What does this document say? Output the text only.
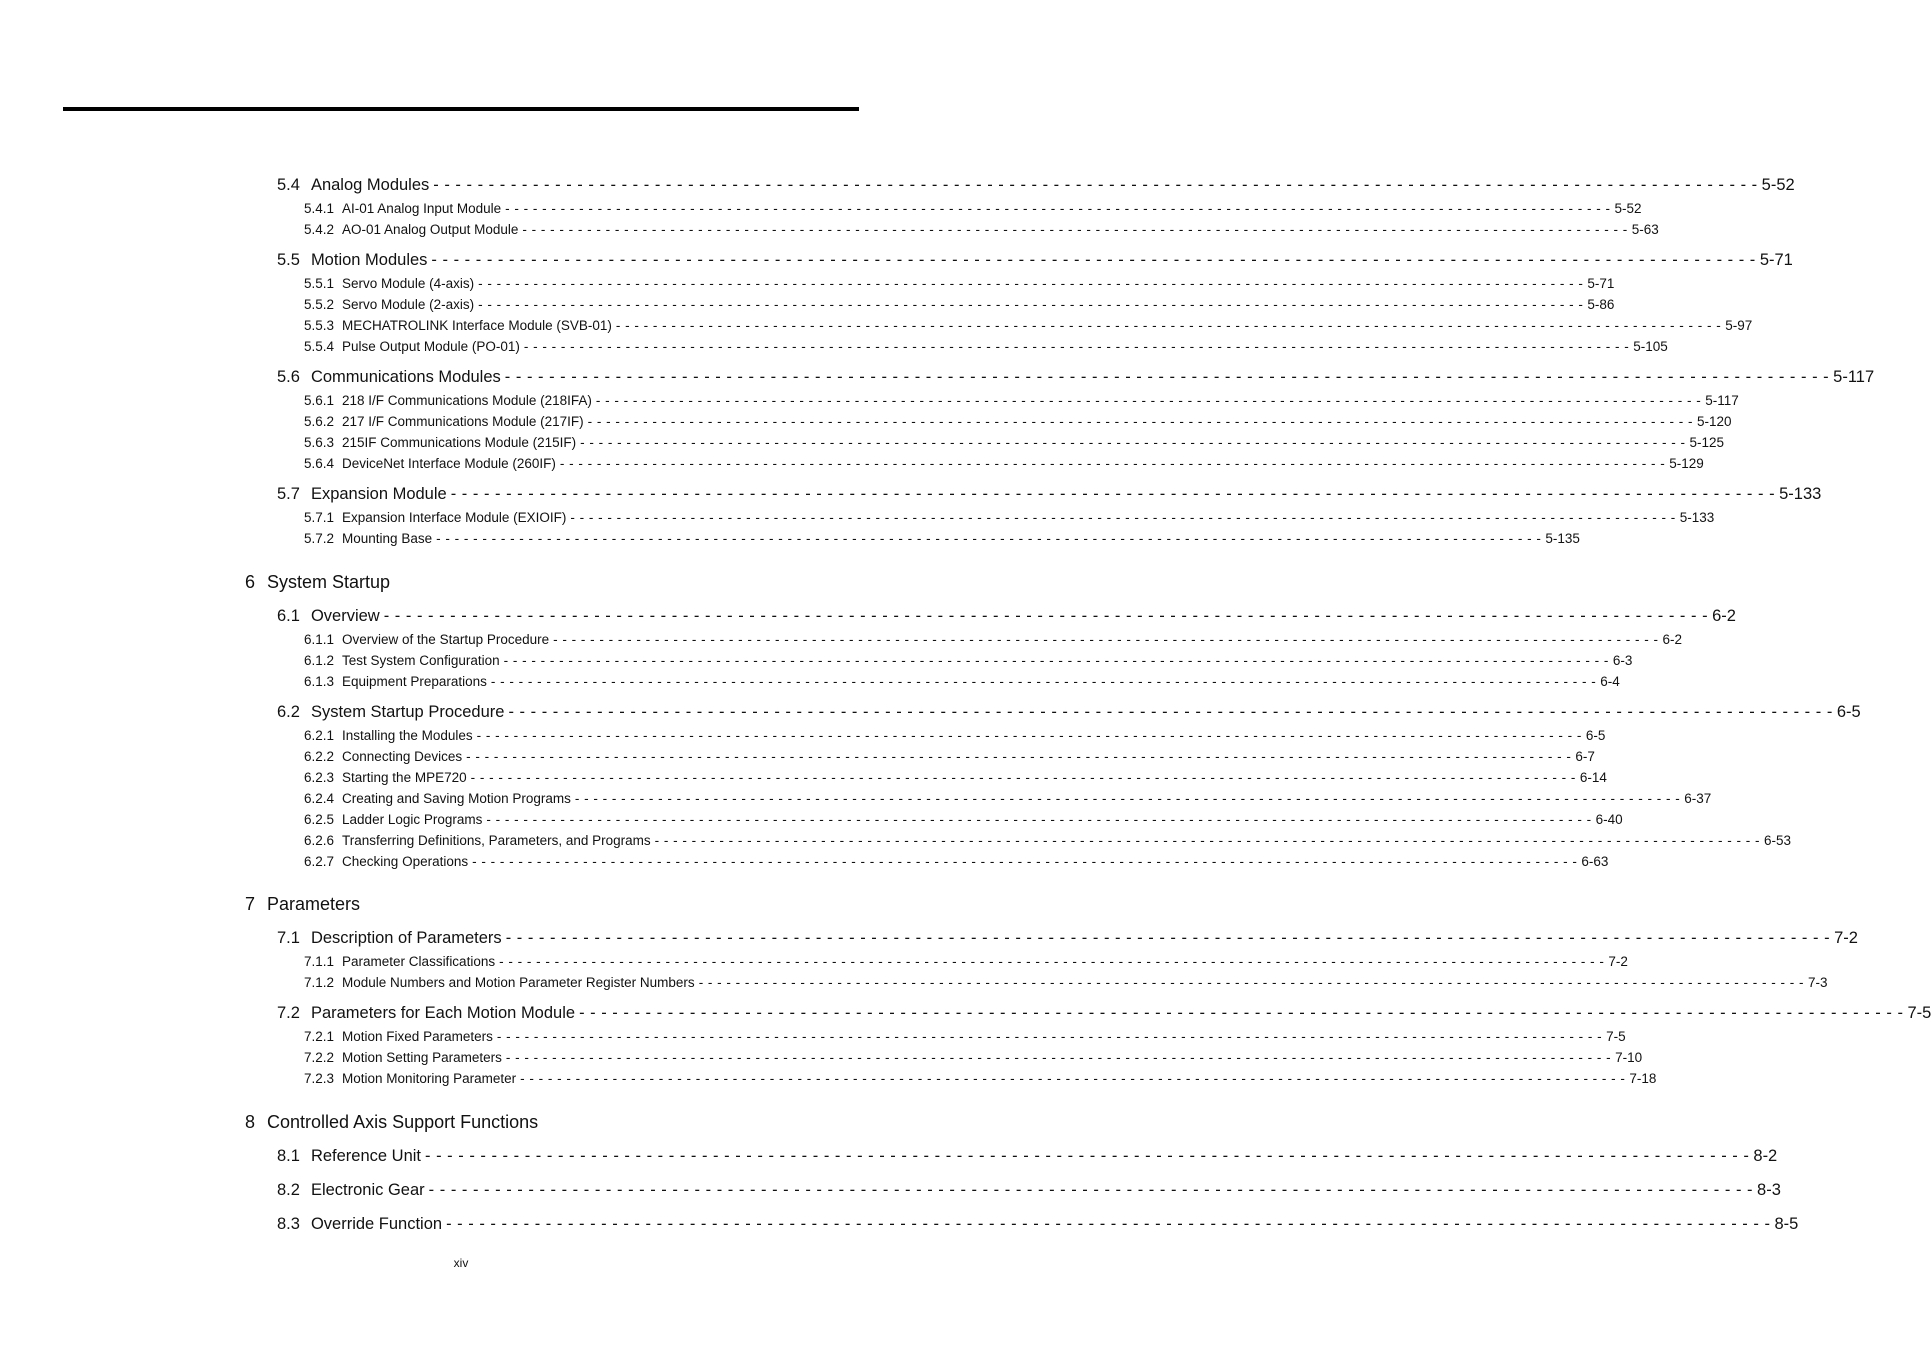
5.4 Analog Modules - - - - - - - - - - - - - - - - - - - - - - - - - - - - - - - - - - - - - - - - - - - - - - - - - - - - - - - - - - - - - - - - - - - - - - - - - - - - - - - - - - - - - - - - - - - - - - - - - - - - - - - - - - - - - - - - - - - - - - - - 5-52
5.4.1 AI-01 Analog Input Module - - - - - - - - - - - - - - - - - - - - - - - - - - - - - - - - - - - - - - - - - - - - - - - - - - - - - - - - - - - - - - - - - - - - - - - - - - - - - - - - - - - - - - - - - - - - - - - - - - - - - - - - - - - - - - - - - - - - - - - - 5-52
5.4.2 AO-01 Analog Output Module - - - - - - - - - - - - - - - - - - - - - - - - - - - - - - - - - - - - - - - - - - - - - - - - - - - - - - - - - - - - - - - - - - - - - - - - - - - - - - - - - - - - - - - - - - - - - - - - - - - - - - - - - - - - - - - - - - - - - - - - 5-63
5.5 Motion Modules - - - - - - - - - - - - - - - - - - - - - - - - - - - - - - - - - - - - - - - - - - - - - - - - - - - - - - - - - - - - - - - - - - - - - - - - - - - - - - - - - - - - - - - - - - - - - - - - - - - - - - - - - - - - - - - - - - - - - - - - 5-71
5.5.1 Servo Module (4-axis) - - - - - - - - - - - - - - - - - - - - - - - - - - - - - - - - - - - - - - - - - - - - - - - - - - - - - - - - - - - - - - - - - - - - - - - - - - - - - - - - - - - - - - - - - - - - - - - - - - - - - - - - - - - - - - - - - - - - - - - - 5-71
5.5.2 Servo Module (2-axis) - - - - - - - - - - - - - - - - - - - - - - - - - - - - - - - - - - - - - - - - - - - - - - - - - - - - - - - - - - - - - - - - - - - - - - - - - - - - - - - - - - - - - - - - - - - - - - - - - - - - - - - - - - - - - - - - - - - - - - - - 5-86
5.5.3 MECHATROLINK Interface Module (SVB-01) - - - - - - - - - - - - - - - - - - - - - - - - - - - - - - - - - - - - - - - - - - - - - - - - - - - - - - - - - - - - - - - - - - - - - - - - - - - - - - - - - - - - - - - - - - - - - - - - - - - - - - - - - - - - - - - - - - - - - - - - 5-97
5.5.4 Pulse Output Module (PO-01) - - - - - - - - - - - - - - - - - - - - - - - - - - - - - - - - - - - - - - - - - - - - - - - - - - - - - - - - - - - - - - - - - - - - - - - - - - - - - - - - - - - - - - - - - - - - - - - - - - - - - - - - - - - - - - - - - - - - - - - - 5-105
5.6 Communications Modules - - - - - - - - - - - - - - - - - - - - - - - - - - - - - - - - - - - - - - - - - - - - - - - - - - - - - - - - - - - - - - - - - - - - - - - - - - - - - - - - - - - - - - - - - - - - - - - - - - - - - - - - - - - - - - - - - - - - - - - - 5-117
5.6.1 218 I/F Communications Module (218IFA) - - - - - - - - - - - - - - - - - - - - - - - - - - - - - - - - - - - - - - - - - - - - - - - - - - - - - - - - - - - - - - - - - - - - - - - - - - - - - - - - - - - - - - - - - - - - - - - - - - - - - - - - - - - - - - - - - - - - - - - - 5-117
5.6.2 217 I/F Communications Module (217IF) - - - - - - - - - - - - - - - - - - - - - - - - - - - - - - - - - - - - - - - - - - - - - - - - - - - - - - - - - - - - - - - - - - - - - - - - - - - - - - - - - - - - - - - - - - - - - - - - - - - - - - - - - - - - - - - - - - - - - - - - 5-120
5.6.3 215IF Communications Module (215IF) - - - - - - - - - - - - - - - - - - - - - - - - - - - - - - - - - - - - - - - - - - - - - - - - - - - - - - - - - - - - - - - - - - - - - - - - - - - - - - - - - - - - - - - - - - - - - - - - - - - - - - - - - - - - - - - - - - - - - - - - 5-125
5.6.4 DeviceNet Interface Module (260IF) - - - - - - - - - - - - - - - - - - - - - - - - - - - - - - - - - - - - - - - - - - - - - - - - - - - - - - - - - - - - - - - - - - - - - - - - - - - - - - - - - - - - - - - - - - - - - - - - - - - - - - - - - - - - - - - - - - - - - - - - 5-129
5.7 Expansion Module - - - - - - - - - - - - - - - - - - - - - - - - - - - - - - - - - - - - - - - - - - - - - - - - - - - - - - - - - - - - - - - - - - - - - - - - - - - - - - - - - - - - - - - - - - - - - - - - - - - - - - - - - - - - - - - - - - - - - - - - 5-133
5.7.1 Expansion Interface Module (EXIOIF) - - - - - - - - - - - - - - - - - - - - - - - - - - - - - - - - - - - - - - - - - - - - - - - - - - - - - - - - - - - - - - - - - - - - - - - - - - - - - - - - - - - - - - - - - - - - - - - - - - - - - - - - - - - - - - - - - - - - - - - - 5-133
5.7.2 Mounting Base - - - - - - - - - - - - - - - - - - - - - - - - - - - - - - - - - - - - - - - - - - - - - - - - - - - - - - - - - - - - - - - - - - - - - - - - - - - - - - - - - - - - - - - - - - - - - - - - - - - - - - - - - - - - - - - - - - - - - - - - 5-135
6 System Startup
6.1 Overview - - - - - - - - - - - - - - - - - - - - - - - - - - - - - - - - - - - - - - - - - - - - - - - - - - - - - - - - - - - - - - - - - - - - - - - - - - - - - - - - - - - - - - - - - - - - - - - - - - - - - - - - - - - - - - - - - - - - - - - - 6-2
6.1.1 Overview of the Startup Procedure - - - - - - - - - - - - - - - - - - - - - - - - - - - - - - - - - - - - - - - - - - - - - - - - - - - - - - - - - - - - - - - - - - - - - - - - - - - - - - - - - - - - - - - - - - - - - - - - - - - - - - - - - - - - - - - - - - - - - - - - 6-2
6.1.2 Test System Configuration - - - - - - - - - - - - - - - - - - - - - - - - - - - - - - - - - - - - - - - - - - - - - - - - - - - - - - - - - - - - - - - - - - - - - - - - - - - - - - - - - - - - - - - - - - - - - - - - - - - - - - - - - - - - - - - - - - - - - - - - 6-3
6.1.3 Equipment Preparations - - - - - - - - - - - - - - - - - - - - - - - - - - - - - - - - - - - - - - - - - - - - - - - - - - - - - - - - - - - - - - - - - - - - - - - - - - - - - - - - - - - - - - - - - - - - - - - - - - - - - - - - - - - - - - - - - - - - - - - - 6-4
6.2 System Startup Procedure - - - - - - - - - - - - - - - - - - - - - - - - - - - - - - - - - - - - - - - - - - - - - - - - - - - - - - - - - - - - - - - - - - - - - - - - - - - - - - - - - - - - - - - - - - - - - - - - - - - - - - - - - - - - - - - - - - - - - - - - 6-5
6.2.1 Installing the Modules - - - - - - - - - - - - - - - - - - - - - - - - - - - - - - - - - - - - - - - - - - - - - - - - - - - - - - - - - - - - - - - - - - - - - - - - - - - - - - - - - - - - - - - - - - - - - - - - - - - - - - - - - - - - - - - - - - - - - - - - 6-5
6.2.2 Connecting Devices - - - - - - - - - - - - - - - - - - - - - - - - - - - - - - - - - - - - - - - - - - - - - - - - - - - - - - - - - - - - - - - - - - - - - - - - - - - - - - - - - - - - - - - - - - - - - - - - - - - - - - - - - - - - - - - - - - - - - - - - 6-7
6.2.3 Starting the MPE720 - - - - - - - - - - - - - - - - - - - - - - - - - - - - - - - - - - - - - - - - - - - - - - - - - - - - - - - - - - - - - - - - - - - - - - - - - - - - - - - - - - - - - - - - - - - - - - - - - - - - - - - - - - - - - - - - - - - - - - - - 6-14
6.2.4 Creating and Saving Motion Programs - - - - - - - - - - - - - - - - - - - - - - - - - - - - - - - - - - - - - - - - - - - - - - - - - - - - - - - - - - - - - - - - - - - - - - - - - - - - - - - - - - - - - - - - - - - - - - - - - - - - - - - - - - - - - - - - - - - - - - - - 6-37
6.2.5 Ladder Logic Programs - - - - - - - - - - - - - - - - - - - - - - - - - - - - - - - - - - - - - - - - - - - - - - - - - - - - - - - - - - - - - - - - - - - - - - - - - - - - - - - - - - - - - - - - - - - - - - - - - - - - - - - - - - - - - - - - - - - - - - - - 6-40
6.2.6 Transferring Definitions, Parameters, and Programs - - - - - - - - - - - - - - - - - - - - - - - - - - - - - - - - - - - - - - - - - - - - - - - - - - - - - - - - - - - - - - - - - - - - - - - - - - - - - - - - - - - - - - - - - - - - - - - - - - - - - - - - - - - - - - - - - - - - - - - - 6-53
6.2.7 Checking Operations - - - - - - - - - - - - - - - - - - - - - - - - - - - - - - - - - - - - - - - - - - - - - - - - - - - - - - - - - - - - - - - - - - - - - - - - - - - - - - - - - - - - - - - - - - - - - - - - - - - - - - - - - - - - - - - - - - - - - - - - 6-63
7 Parameters
7.1 Description of Parameters - - - - - - - - - - - - - - - - - - - - - - - - - - - - - - - - - - - - - - - - - - - - - - - - - - - - - - - - - - - - - - - - - - - - - - - - - - - - - - - - - - - - - - - - - - - - - - - - - - - - - - - - - - - - - - - - - - - - - - - - 7-2
7.1.1 Parameter Classifications - - - - - - - - - - - - - - - - - - - - - - - - - - - - - - - - - - - - - - - - - - - - - - - - - - - - - - - - - - - - - - - - - - - - - - - - - - - - - - - - - - - - - - - - - - - - - - - - - - - - - - - - - - - - - - - - - - - - - - - - 7-2
7.1.2 Module Numbers and Motion Parameter Register Numbers - - - - - - - - - - - - - - - - - - - - - - - - - - - - - - - - - - - - - - - - - - - - - - - - - - - - - - - - - - - - - - - - - - - - - - - - - - - - - - - - - - - - - - - - - - - - - - - - - - - - - - - - - - - - - - - - - - - - - - - - 7-3
7.2 Parameters for Each Motion Module - - - - - - - - - - - - - - - - - - - - - - - - - - - - - - - - - - - - - - - - - - - - - - - - - - - - - - - - - - - - - - - - - - - - - - - - - - - - - - - - - - - - - - - - - - - - - - - - - - - - - - - - - - - - - - - - - - - - - - - - 7-5
7.2.1 Motion Fixed Parameters - - - - - - - - - - - - - - - - - - - - - - - - - - - - - - - - - - - - - - - - - - - - - - - - - - - - - - - - - - - - - - - - - - - - - - - - - - - - - - - - - - - - - - - - - - - - - - - - - - - - - - - - - - - - - - - - - - - - - - - - 7-5
7.2.2 Motion Setting Parameters - - - - - - - - - - - - - - - - - - - - - - - - - - - - - - - - - - - - - - - - - - - - - - - - - - - - - - - - - - - - - - - - - - - - - - - - - - - - - - - - - - - - - - - - - - - - - - - - - - - - - - - - - - - - - - - - - - - - - - - - 7-10
7.2.3 Motion Monitoring Parameter - - - - - - - - - - - - - - - - - - - - - - - - - - - - - - - - - - - - - - - - - - - - - - - - - - - - - - - - - - - - - - - - - - - - - - - - - - - - - - - - - - - - - - - - - - - - - - - - - - - - - - - - - - - - - - - - - - - - - - - - 7-18
8 Controlled Axis Support Functions
8.1 Reference Unit - - - - - - - - - - - - - - - - - - - - - - - - - - - - - - - - - - - - - - - - - - - - - - - - - - - - - - - - - - - - - - - - - - - - - - - - - - - - - - - - - - - - - - - - - - - - - - - - - - - - - - - - - - - - - - - - - - - - - - - - 8-2
8.2 Electronic Gear - - - - - - - - - - - - - - - - - - - - - - - - - - - - - - - - - - - - - - - - - - - - - - - - - - - - - - - - - - - - - - - - - - - - - - - - - - - - - - - - - - - - - - - - - - - - - - - - - - - - - - - - - - - - - - - - - - - - - - - - 8-3
8.3 Override Function - - - - - - - - - - - - - - - - - - - - - - - - - - - - - - - - - - - - - - - - - - - - - - - - - - - - - - - - - - - - - - - - - - - - - - - - - - - - - - - - - - - - - - - - - - - - - - - - - - - - - - - - - - - - - - - - - - - - - - - - 8-5
xiv
